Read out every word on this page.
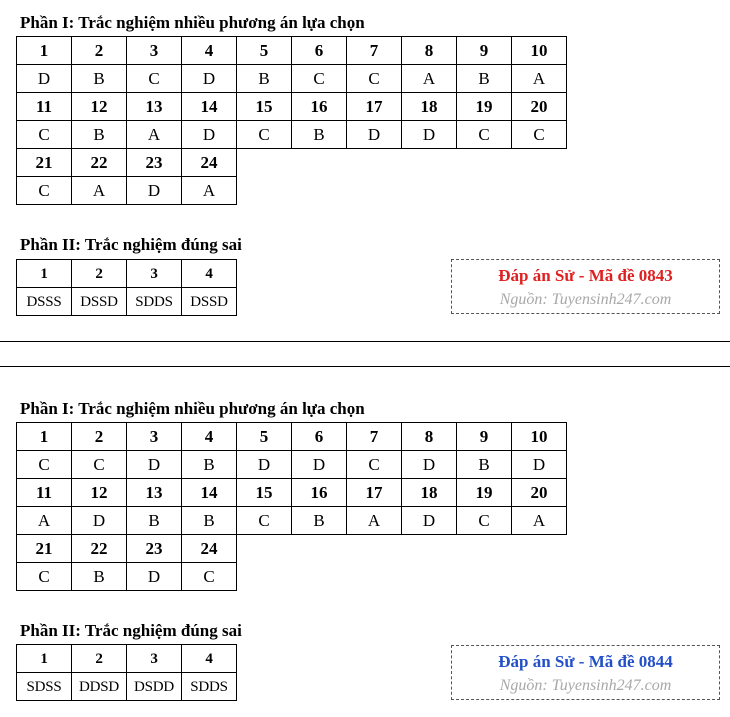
Phần I: Trắc nghiệm nhiều phương án lựa chọn
1	2	3	4	5	6	7	8	9	10
D	B	C	D	B	C	C	A	B	A
11	12	13	14	15	16	17	18	19	20
C	B	A	D	C	B	D	D	C	C
21	22	23	24						
C	A	D	A						
Phần II: Trắc nghiệm đúng sai
1	2	3	4
DSSS	DSSD	SDDS	DSSD
Đáp án Sử - Mã đề 0843
Nguồn: Tuyensinh247.com
Phần I: Trắc nghiệm nhiều phương án lựa chọn
1	2	3	4	5	6	7	8	9	10
C	C	D	B	D	D	C	D	B	D
11	12	13	14	15	16	17	18	19	20
A	D	B	B	C	B	A	D	C	A
21	22	23	24						
C	B	D	C						
Phần II: Trắc nghiệm đúng sai
1	2	3	4
SDSS	DDSD	DSDD	SDDS
Đáp án Sử - Mã đề 0844
Nguồn: Tuyensinh247.com
